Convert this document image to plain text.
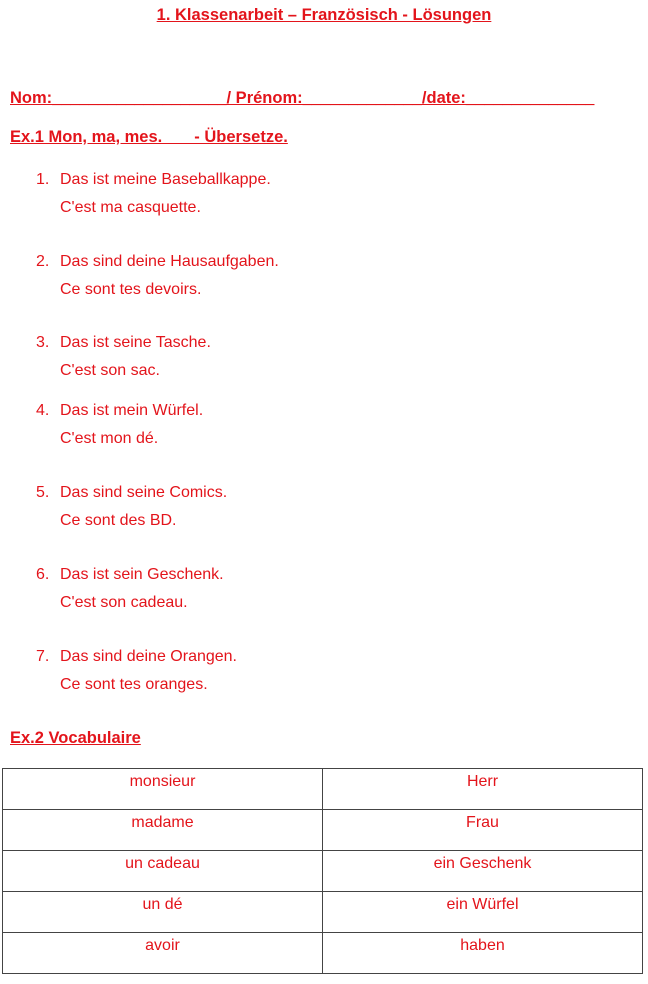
1. Klassenarbeit – Französisch - Lösungen
Nom:___________________/ Prénom:_____________/date:______________
Ex.1 Mon, ma, mes.       - Übersetze.
1. Das ist meine Baseballkappe.
C'est ma casquette.
2. Das sind deine Hausaufgaben.
Ce sont tes devoirs.
3. Das ist seine Tasche.
C'est son sac.
4. Das ist mein Würfel.
C'est mon dé.
5. Das sind seine Comics.
Ce sont des BD.
6. Das ist sein Geschenk.
C'est son cadeau.
7. Das sind deine Orangen.
Ce sont tes oranges.
Ex.2 Vocabulaire
monsieur	Herr
madame	Frau
un cadeau	ein Geschenk
un dé	ein Würfel
avoir	haben
